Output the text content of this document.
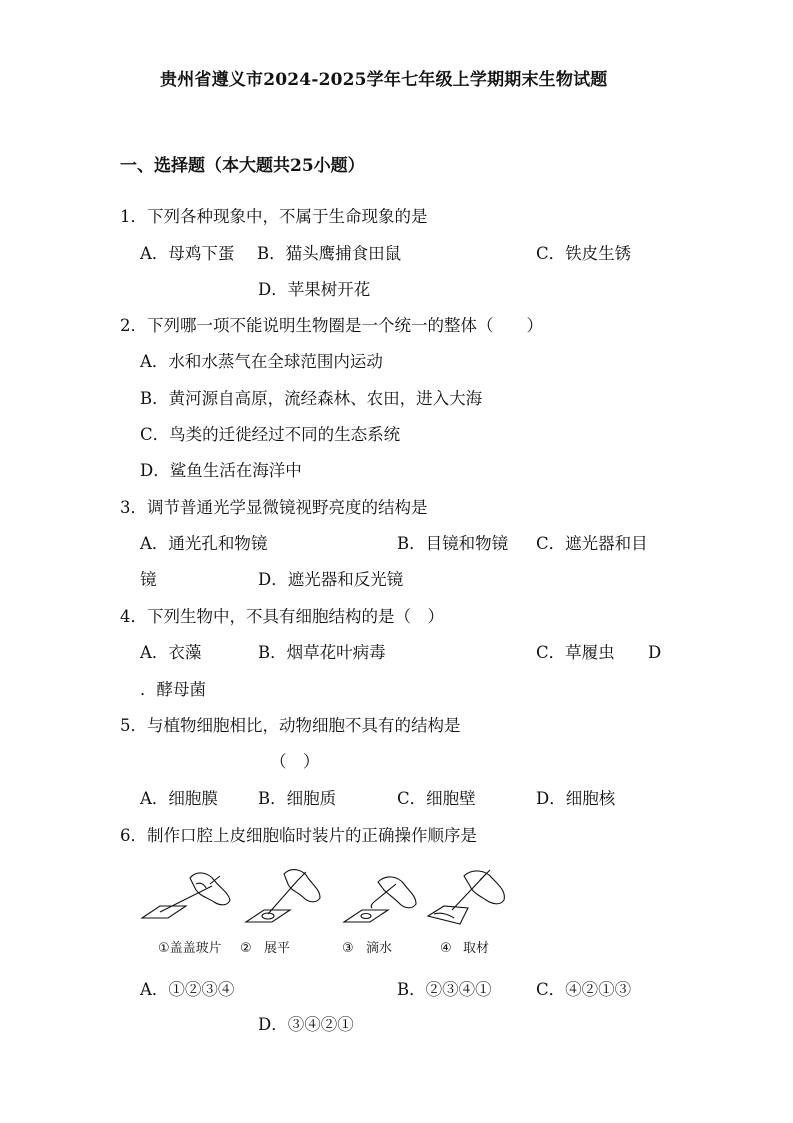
贵州省遵义市2024-2025学年七年级上学期期末生物试题
一、选择题（本大题共25小题）
1．下列各种现象中，不属于生命现象的是
A．母鸡下蛋 B．猫头鹰捕食田鼠	C．铁皮生锈
D．苹果树开花
2．下列哪一项不能说明生物圈是一个统一的整体（　　）
A．水和水蒸气在全球范围内运动
B．黄河源自高原，流经森林、农田，进入大海
C．鸟类的迁徙经过不同的生态系统
D．鲨鱼生活在海洋中
3．调节普通光学显微镜视野亮度的结构是
A．通光孔和物镜	B．目镜和物镜 C．遮光器和目
镜	D．遮光器和反光镜
4．下列生物中，不具有细胞结构的是（　）
A．衣藻	B．烟草花叶病毒	C．草履虫 D
．酵母菌
5．与植物细胞相比，动物细胞不具有的结构是
（　）
A．细胞膜 B．细胞质	C．细胞壁	D．细胞核
6．制作口腔上皮细胞临时装片的正确操作顺序是
①盖盖玻片 ② 展平	③ 滴水	④ 取材
A．①②③④	B．②③④①	C．④②①③
D．③④②①
